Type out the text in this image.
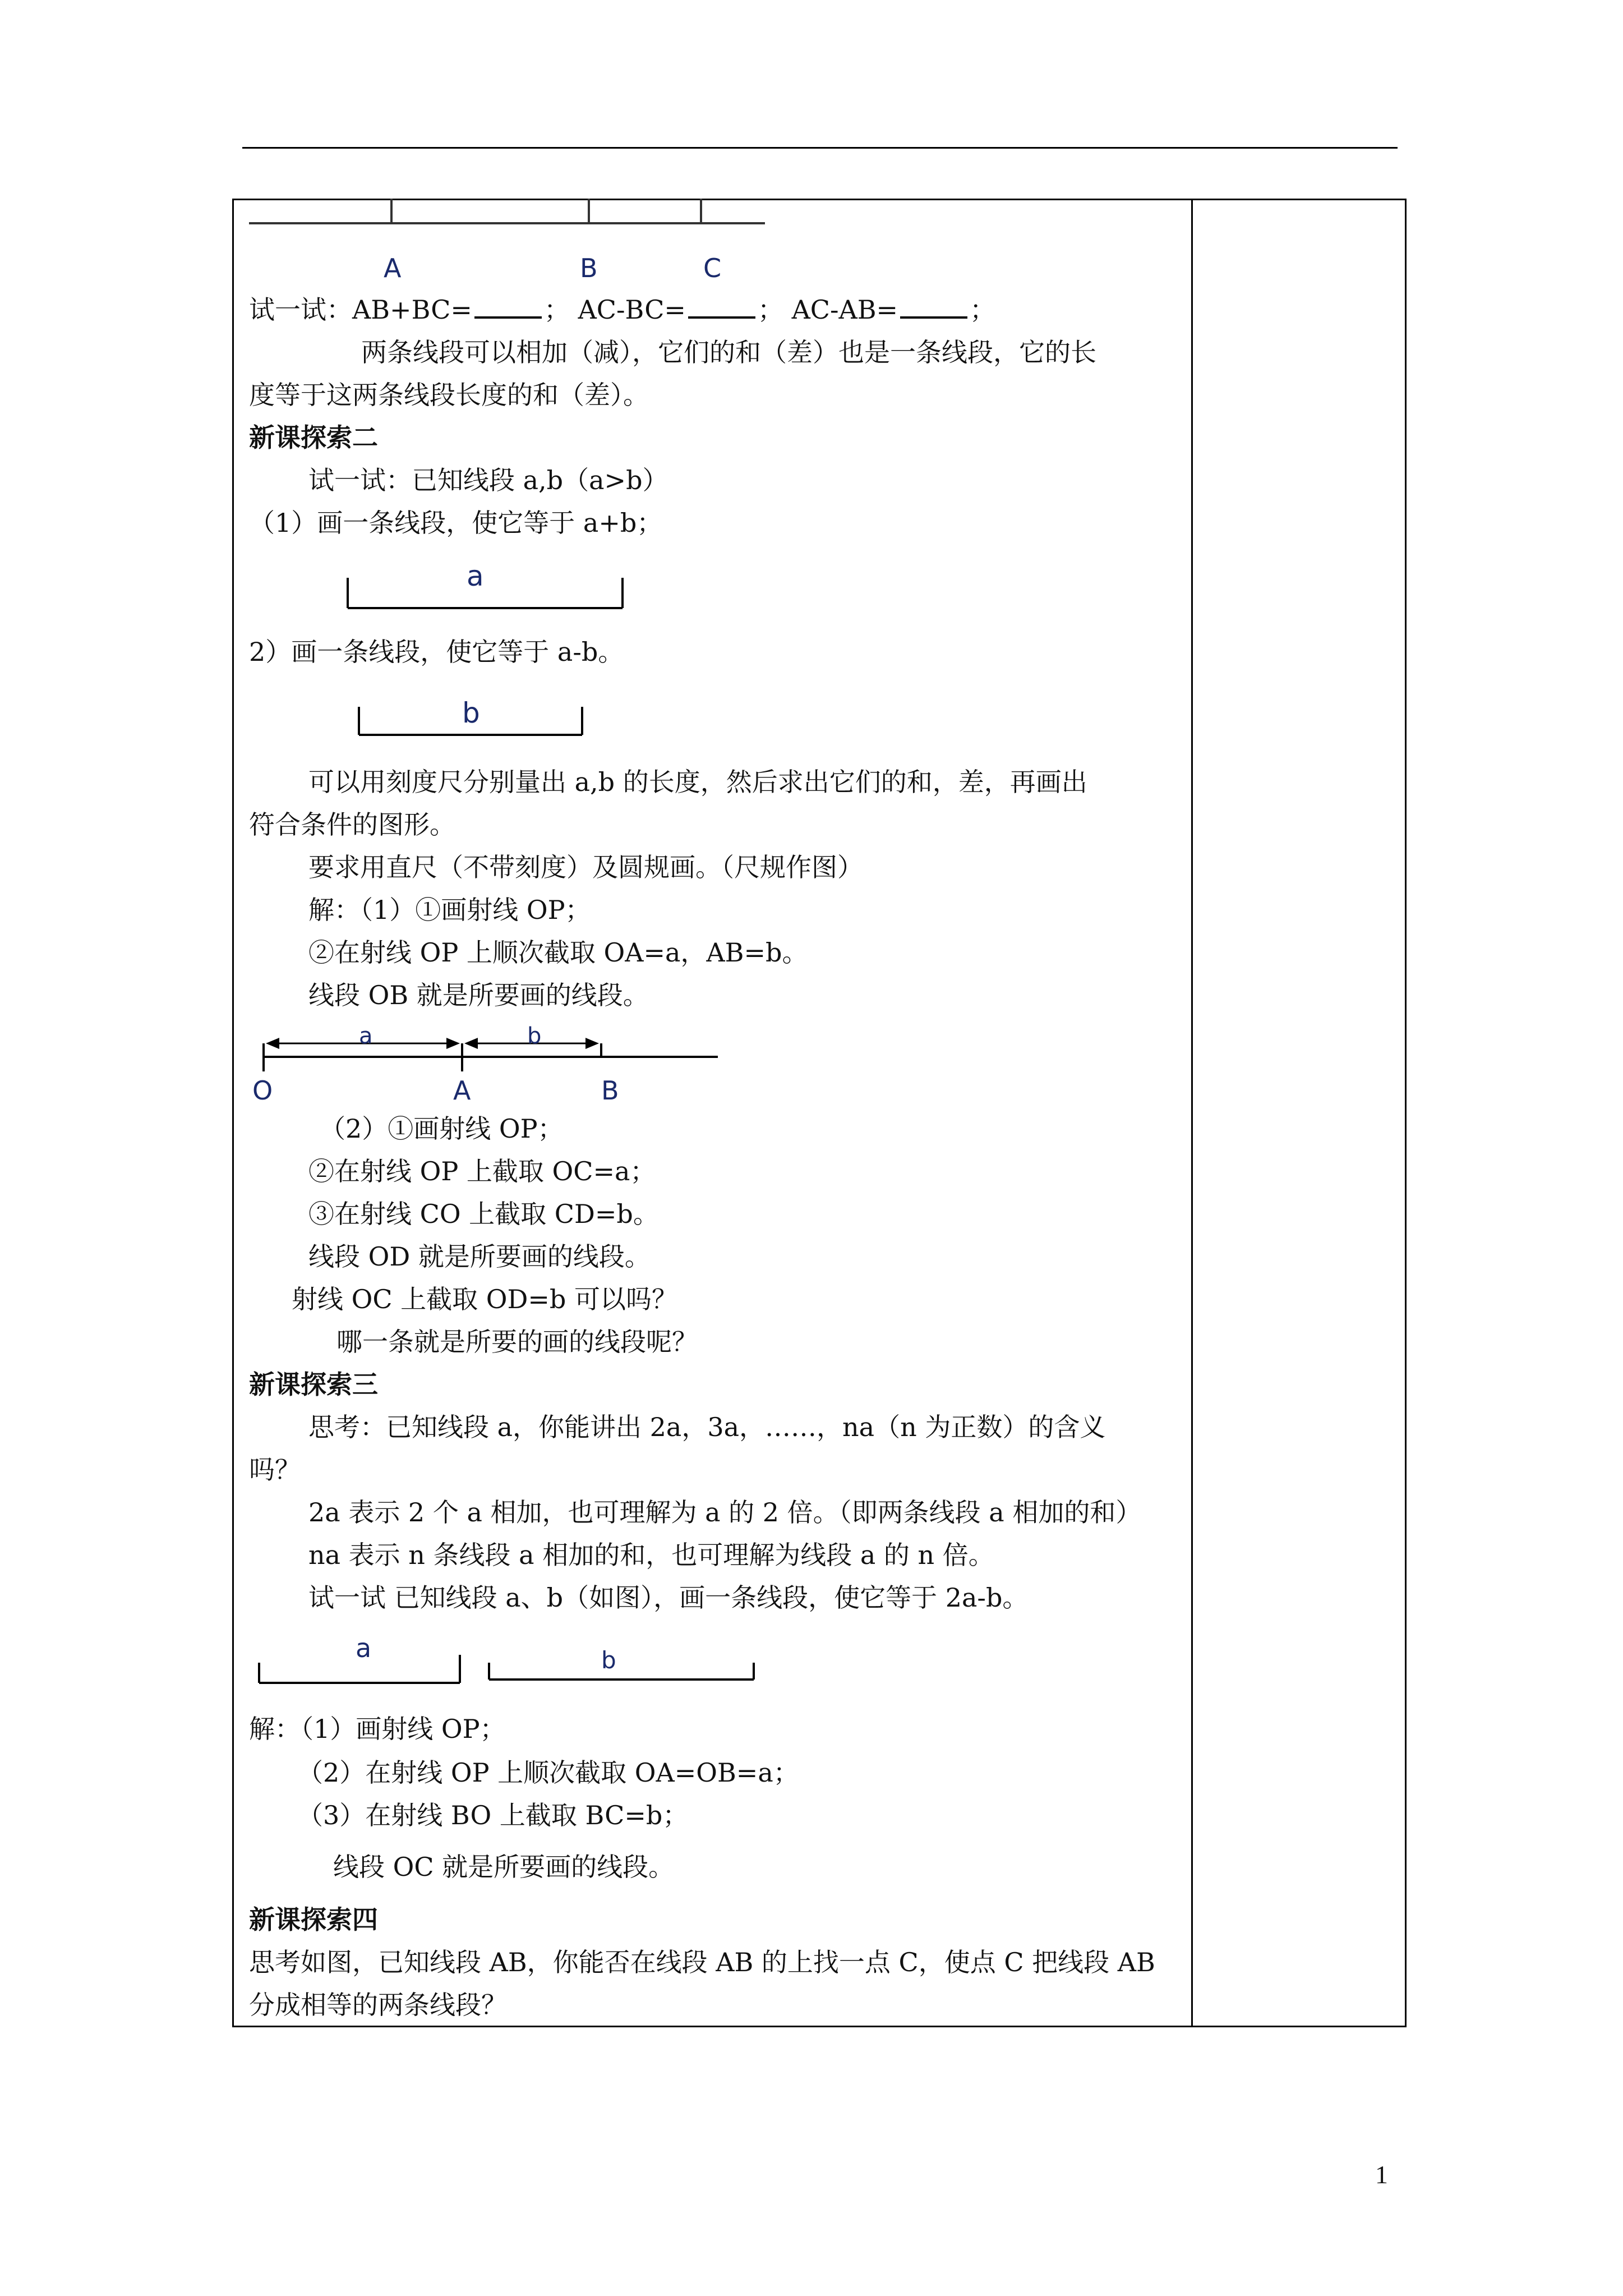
A	B	C
试一试：AB+BC=	； AC-BC=	； AC-AB=	；
两条线段可以相加（减），它们的和（差）也是一条线段，它的长
度等于这两条线段长度的和（差）。
新课探索二
试一试：已知线段 a,b（a>b）
（1）画一条线段，使它等于 a+b；
a
2）画一条线段，使它等于 a-b。
b
可以用刻度尺分别量出 a,b 的长度，然后求出它们的和，差，再画出
符合条件的图形。
要求用直尺（不带刻度）及圆规画。（尺规作图）
解：（1）①画射线 OP；
②在射线 OP 上顺次截取 OA=a，AB=b。
线段 OB 就是所要画的线段。
a	b
O	A	B
（2）①画射线 OP；
②在射线 OP 上截取 OC=a；
③在射线 CO 上截取 CD=b。
线段 OD 就是所要画的线段。
射线 OC 上截取 OD=b 可以吗？
哪一条就是所要的画的线段呢？
新课探索三
思考：已知线段 a，你能讲出 2a，3a，……，na（n 为正数）的含义
吗？
2a 表示 2 个 a 相加，也可理解为 a 的 2 倍。（即两条线段 a 相加的和）
na 表示 n 条线段 a 相加的和，也可理解为线段 a 的 n 倍。
试一试 已知线段 a、b（如图），画一条线段，使它等于 2a-b。
a	b
解：（1）画射线 OP；
（2）在射线 OP 上顺次截取 OA=OB=a；
（3）在射线 BO 上截取 BC=b；
线段 OC 就是所要画的线段。
新课探索四
思考如图，已知线段 AB，你能否在线段 AB 的上找一点 C，使点 C 把线段 AB
分成相等的两条线段？
1
